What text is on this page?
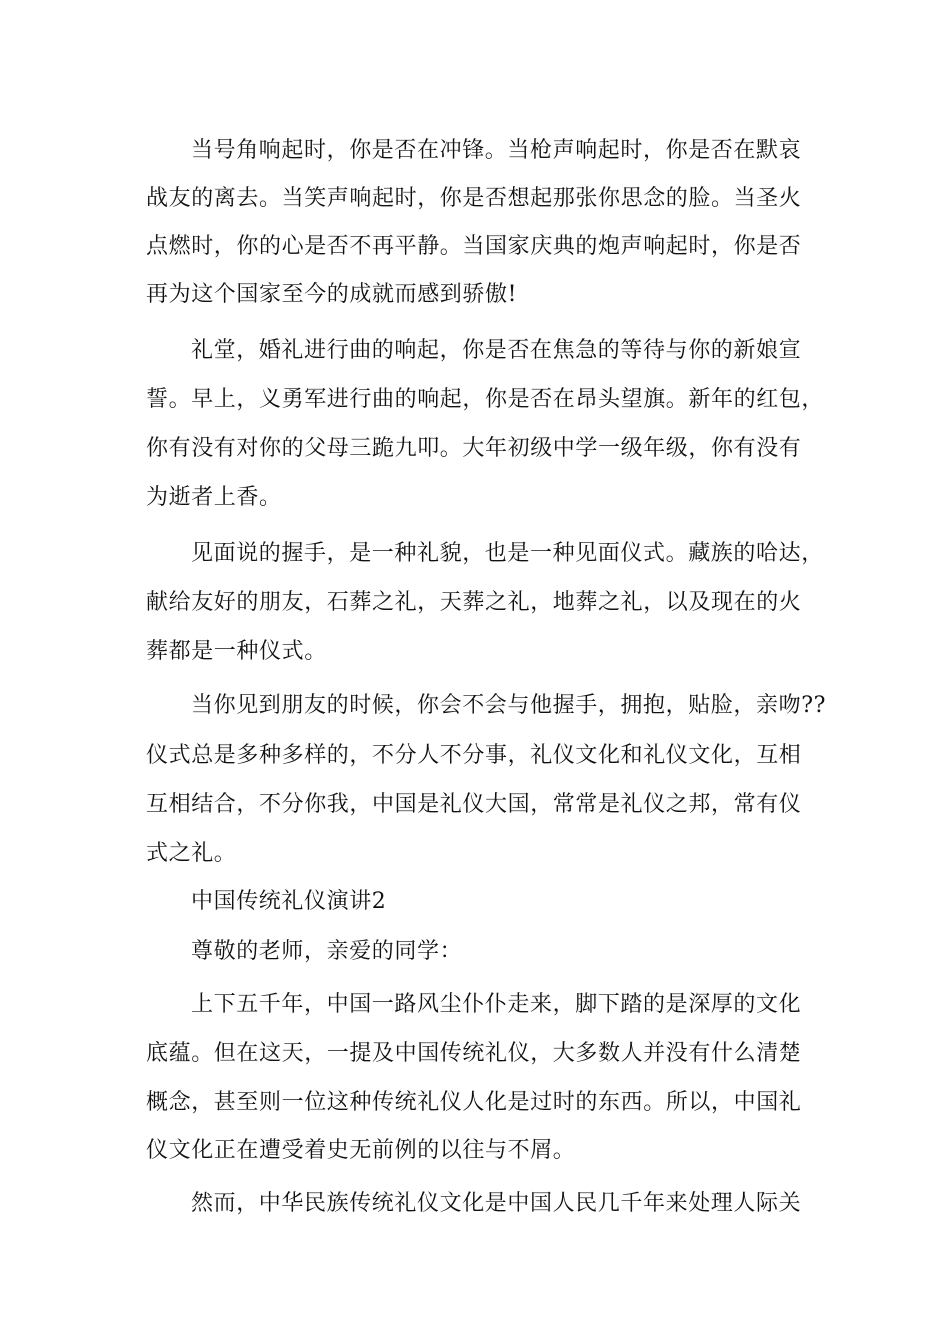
当号角响起时，你是否在冲锋。当枪声响起时，你是否在默哀
战友的离去。当笑声响起时，你是否想起那张你思念的脸。当圣火
点燃时，你的心是否不再平静。当国家庆典的炮声响起时，你是否
再为这个国家至今的成就而感到骄傲!
礼堂，婚礼进行曲的响起，你是否在焦急的等待与你的新娘宣
誓。早上，义勇军进行曲的响起，你是否在昂头望旗。新年的红包，
你有没有对你的父母三跪九叩。大年初级中学一级年级，你有没有
为逝者上香。
见面说的握手，是一种礼貌，也是一种见面仪式。藏族的哈达，
献给友好的朋友，石葬之礼，天葬之礼，地葬之礼，以及现在的火
葬都是一种仪式。
当你见到朋友的时候，你会不会与他握手，拥抱，贴脸，亲吻??
仪式总是多种多样的，不分人不分事，礼仪文化和礼仪文化，互相
互相结合，不分你我，中国是礼仪大国，常常是礼仪之邦，常有仪
式之礼。
中国传统礼仪演讲2
尊敬的老师，亲爱的同学：
上下五千年，中国一路风尘仆仆走来，脚下踏的是深厚的文化
底蕴。但在这天，一提及中国传统礼仪，大多数人并没有什么清楚
概念，甚至则一位这种传统礼仪人化是过时的东西。所以，中国礼
仪文化正在遭受着史无前例的以往与不屑。
然而，中华民族传统礼仪文化是中国人民几千年来处理人际关
